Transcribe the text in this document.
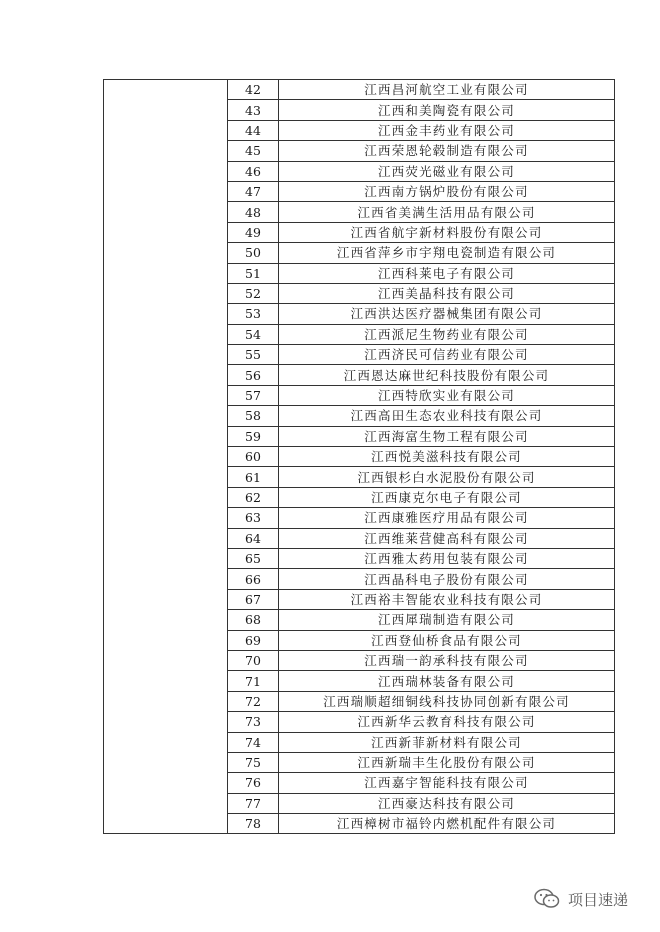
	42	江西昌河航空工业有限公司
	43	江西和美陶瓷有限公司
	44	江西金丰药业有限公司
	45	江西荣恩轮毂制造有限公司
	46	江西荧光磁业有限公司
	47	江西南方锅炉股份有限公司
	48	江西省美满生活用品有限公司
	49	江西省航宇新材料股份有限公司
	50	江西省萍乡市宇翔电瓷制造有限公司
	51	江西科莱电子有限公司
	52	江西美晶科技有限公司
	53	江西洪达医疗器械集团有限公司
	54	江西派尼生物药业有限公司
	55	江西济民可信药业有限公司
	56	江西恩达麻世纪科技股份有限公司
	57	江西特欣实业有限公司
	58	江西高田生态农业科技有限公司
	59	江西海富生物工程有限公司
	60	江西悦美滋科技有限公司
	61	江西银杉白水泥股份有限公司
	62	江西康克尔电子有限公司
	63	江西康雅医疗用品有限公司
	64	江西维莱营健高科有限公司
	65	江西雅太药用包装有限公司
	66	江西晶科电子股份有限公司
	67	江西裕丰智能农业科技有限公司
	68	江西犀瑞制造有限公司
	69	江西登仙桥食品有限公司
	70	江西瑞一韵承科技有限公司
	71	江西瑞林装备有限公司
	72	江西瑞顺超细铜线科技协同创新有限公司
	73	江西新华云教育科技有限公司
	74	江西新菲新材料有限公司
	75	江西新瑞丰生化股份有限公司
	76	江西嘉宇智能科技有限公司
	77	江西豪达科技有限公司
	78	江西樟树市福铃内燃机配件有限公司
项目速递
